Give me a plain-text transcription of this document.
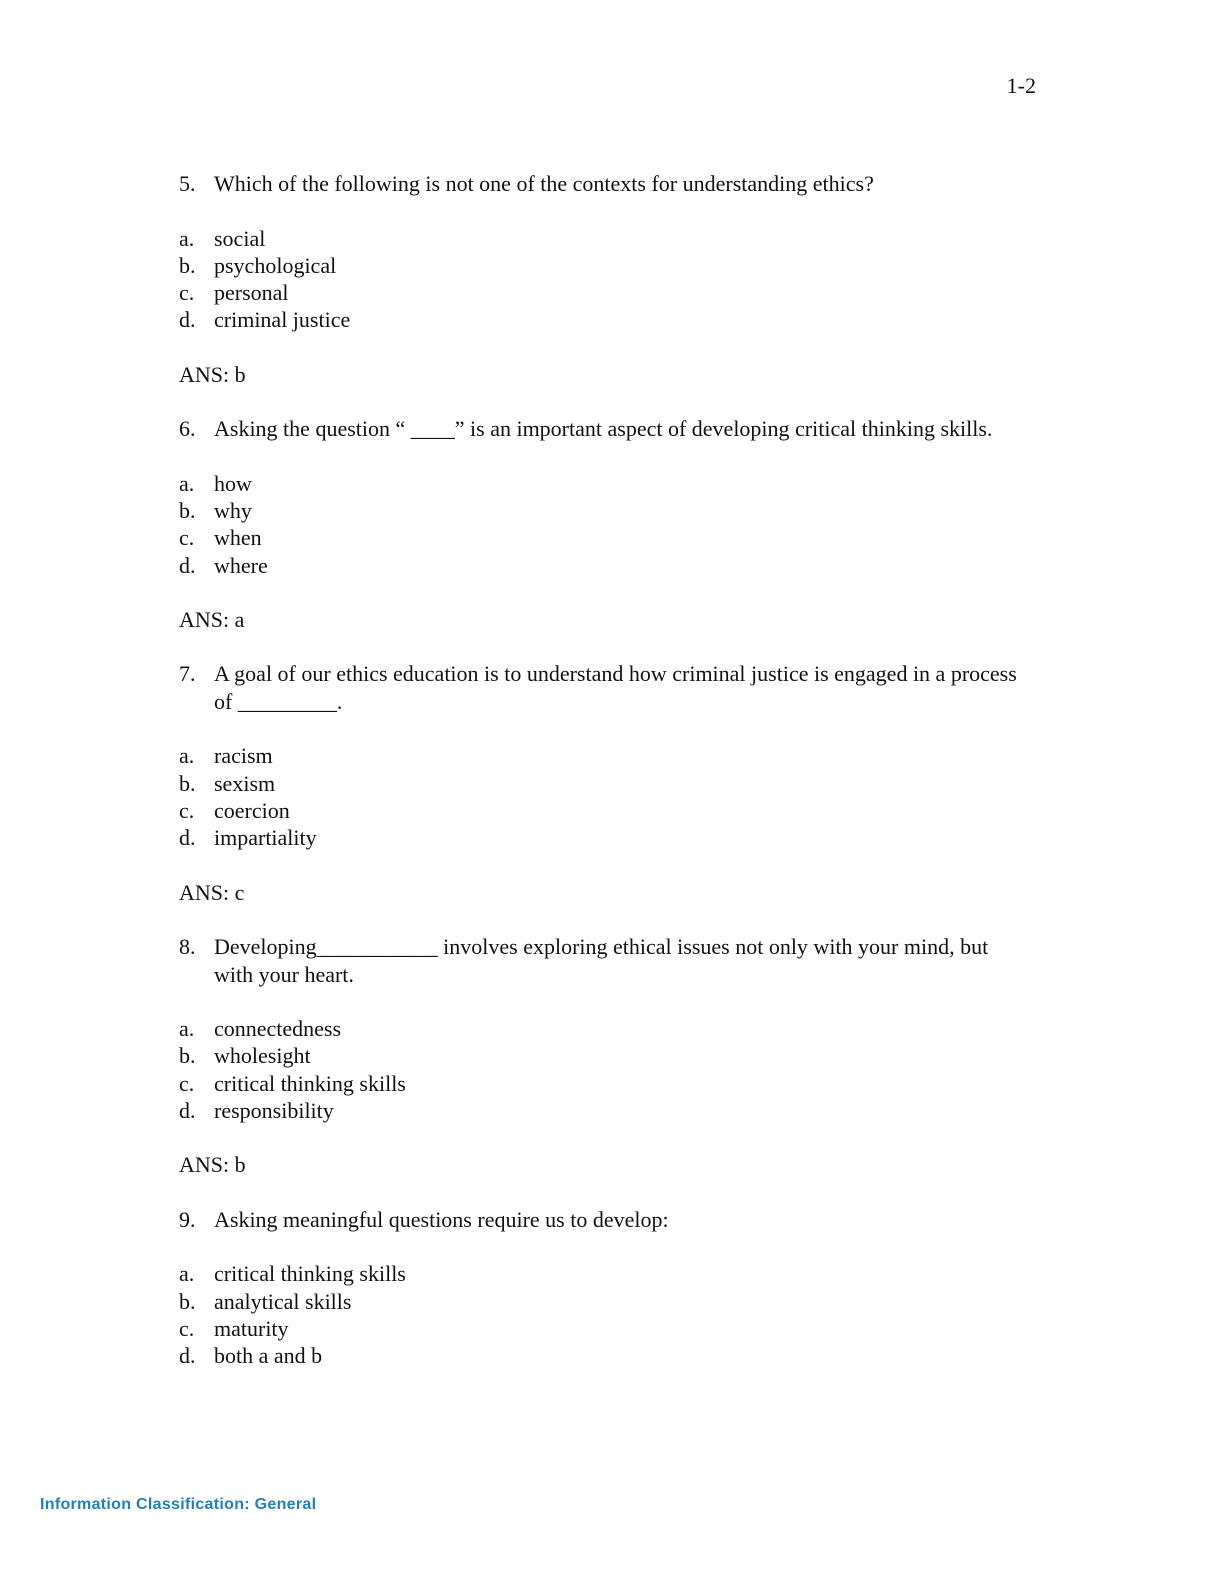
1-2
5. Which of the following is not one of the contexts for understanding ethics?
a. social
b. psychological
c. personal
d. criminal justice
ANS: b
6. Asking the question “ ____” is an important aspect of developing critical thinking skills.
a. how
b. why
c. when
d. where
ANS: a
7. A goal of our ethics education is to understand how criminal justice is engaged in a process of _________.
a. racism
b. sexism
c. coercion
d. impartiality
ANS: c
8. Developing___________ involves exploring ethical issues not only with your mind, but with your heart.
a. connectedness
b. wholesight
c. critical thinking skills
d. responsibility
ANS: b
9. Asking meaningful questions require us to develop:
a. critical thinking skills
b. analytical skills
c. maturity
d. both a and b
Information Classification: General
